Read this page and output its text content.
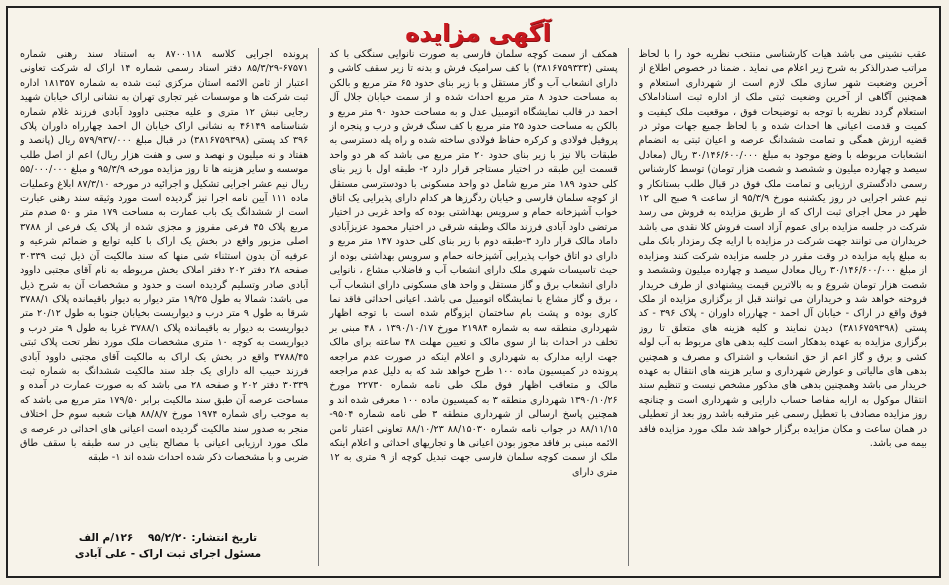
آگهی مزایده

پرونده اجرایی کلاسه ۸۷۰۰۱۱۸ به استناد سند رهنی شماره ۶۷۵۷۱-۸۵/۳/۲۹ دفتر اسناد رسمی شماره ۱۴ اراک له شرکت تعاونی اعتبار از ثامن الائمه استان مرکزی ثبت شده به شماره ۱۸۱۳۵۷ اداره ثبت شرکت ها و موسسات غیر تجاری تهران به نشانی اراک خیابان شهید رجایی نبش ۱۲ متری و علیه مجتبی داوود آبادی فرزند غلام شماره شناسنامه ۴۶۱۴۹ به نشانی اراک خیابان ال احمد چهارراه داوران پلاک ۳۹۶ کد پستی (۳۸۱۶۷۵۹۳۹۸) در قبال مبلغ ۵۷۹/۹۳۷/۰۰۰ ریال (پانصد و هفتاد و نه میلیون و نهصد و سی و هفت هزار ریال) اعم از اصل طلب موسسه و سایر هزینه ها تا روز مزایده مورخه ۹۵/۳/۹ و مبلغ ۵۵/۰۰۰/۰۰۰ ریال نیم عشر اجرایی تشکیل و اجرائیه در مورخه ۸۷/۳/۱۰ ابلاغ وعملیات ماده ۱۱۱ آیین نامه اجرا نیز گردیده است مورد وثیقه سند رهنی عبارت است از ششدانگ یک باب عمارت به مساحت ۱۷۹ متر و ۵۰ صدم متر مربع پلاک ۴۵ فرعی مفروز و مجزی شده از پلاک یک فرعی از ۳۷۸۸ اصلی مزبور واقع در بخش یک اراک با کلیه توابع و ضمائم شرعیه و عرفیه آن بدون استثناء شی منها که سند مالکیت آن ذیل ثبت ۳۰۳۳۹ صفحه ۲۸ دفتر ۲۰۲ دفتر املاک بخش مربوطه به نام آقای مجتبی داوود آبادی صادر وتسلیم گردیده است و حدود و مشخصات آن به شرح ذیل می باشد: شمالا به طول ۱۹/۲۵ متر دیوار به دیوار باقیمانده پلاک ۳۷۸۸/۱ شرقا به طول ۹ متر درب و دیواریست بخیابان جنوبا به طول ۲۰/۱۲ متر دیواریست به دیوار به باقیمانده پلاک ۳۷۸۸/۱ غربا به طول ۹ متر درب و دیواریست به کوچه ۱۰ متری مشخصات ملک مورد نظر تحت پلاک ثبتی ۳۷۸۸/۴۵ واقع در بخش یک اراک به مالکیت آقای مجتبی داوود آبادی فرزند حبیب اله دارای یک جلد سند مالکیت ششدانگ به شماره ثبت ۳۰۳۳۹ دفتر ۲۰۲ و صفحه ۲۸ می باشد که به صورت عمارت در آمده و مساحت عرصه آن طبق سند مالکیت برابر ۱۷۹/۵۰ متر مربع می باشد که به موجب رای شماره ۱۹۷۴ مورخ ۸۸/۸/۷ هیات شعبه سوم حل اختلاف منجر به صدور سند مالکیت گردیده است اعیانی های احداثی در عرصه ی ملک مورد ارزیابی اعیانی با مصالح بنایی در سه طبقه با سقف طاق ضربی و با مشخصات ذکر شده احداث شده اند ۱- طبقه

همکف از سمت کوچه سلمان فارسی به صورت نانوایی سنگکی با کد پستی (۳۸۱۶۷۵۹۳۳۳) با کف سرامیک فرش و بدنه تا زیر سقف کاشی و دارای انشعاب آب و گاز مستقل و با زیر بنای حدود ۶۵ متر مربع و بالکن به مساحت حدود ۸ متر مربع احداث شده و از سمت خیابان جلال آل احمد در قالب نمایشگاه اتومبیل عدل و به مساحت حدود ۹۰ متر مربع و بالکن به مساحت حدود ۲۵ متر مربع با کف سنگ فرش و درب و پنجره از پروفیل فولادی و کرکره حفاظ فولادی ساخته شده و راه پله دسترسی به طبقات بالا نیز با زیر بنای حدود ۲۰ متر مربع می باشد که هر دو واحد قسمت این طبقه در اختیار مستاجر قرار دارد ۲- طبقه اول با زیر بنای کلی حدود ۱۸۹ متر مربع شامل دو واحد مسکونی با دودسترسی مستقل از کوچه سلمان فارسی و خیابان ردگرزها هر کدام دارای پذیرایی یک اتاق خواب آشپزخانه حمام و سرویس بهداشتی بوده که واحد غربی در اختیار مرتضی داود آبادی فرزند مالک وطبقه شرقی در اختیار محمود عزیزآبادی داماد مالک قرار دارد ۳-طبقه دوم با زیر بنای کلی حدود ۱۴۷ متر مربع و دارای دو اتاق خواب پذیرایی آشپزخانه حمام و سرویس بهداشتی بوده از حیث تاسیسات شهری ملک دارای انشعاب آب و فاضلاب مشاع ، نانوایی دارای انشعاب برق و گاز مستقل و واحد های مسکونی دارای انشعاب آب ، برق و گاز مشاع با نمایشگاه اتومبیل می باشد. اعیانی احداثی فاقد نما کاری بوده و پشت بام ساختمان ایزوگام شده است با توجه اظهار شهرداری منطقه سه به شماره ۲۱۹۸۴ مورخ ۱۳۹۰/۱۰/۱۷ ، ۴۸ مبنی بر تخلف در احداث بنا از سوی مالک و تعیین مهلت ۴۸ ساعته برای مالک جهت ارایه مدارک به شهرداری و اعلام اینکه در صورت عدم مراجعه پرونده در کمیسیون ماده ۱۰۰ طرح خواهد شد که به دلیل عدم مراجعه مالک و متعاقب اظهار فوق ملک طی نامه شماره ۲۲۷۳۰ مورخ ۱۳۹۰/۱۰/۲۶ شهرداری منطقه ۳ به کمیسیون ماده ۱۰۰ معرفی شده اند و همچنین پاسخ ارسالی از شهرداری منطقه ۳ طی نامه شماره ۹۵۰۴- ۸۸/۱۱/۱۵ در جواب نامه شماره ۸۸/۱۵۰۳۰ ۸۸/۱۰/۲۳ تعاونی اعتبار ثامن الائمه مبنی بر فاقد مجوز بودن اعیانی ها و تجاریهای احداثی و اعلام اینکه ملک از سمت کوچه سلمان فارسی جهت تبدیل کوچه از ۹ متری به ۱۲ متری دارای

عقب نشینی می باشد هیات کارشناسی منتخب نظریه خود را با لحاظ مراتب صدرالذکر به شرح زیر اعلام می نماید . ضمنا در خصوص اطلاع از آخرین وضعیت شهر سازی ملک لازم است از شهرداری استعلام و همچنین آگاهی از آخرین وضعیت ثبتی ملک از اداره ثبت اسناداملاک استعلام گردد نظریه با توجه به توضیحات فوق ، موقعیت ملک کیفیت و کمیت و قدمت اعیانی ها احداث شده و با لحاظ جمیع جهات موثر در قضیه ارزش همگی و تمامت ششدانگ عرصه و اعیان ثبتی به انضمام انشعابات مربوطه با وضع موجود به مبلغ ۳۰/۱۴۶/۶۰۰/۰۰۰ ریال (معادل سیصد و چهارده میلیون و ششصد و شصت هزار تومان) توسط کارشناس رسمی دادگستری ارزیابی و تمامت ملک فوق در قبال طلب بستانکار و نیم عشر اجرایی در روز یکشنبه مورخ ۹۵/۳/۹ از ساعت ۹ صبح الی ۱۲ ظهر در محل اجرای ثبت اراک که از طریق مزایده به فروش می رسد شرکت در جلسه مزایده برای عموم آزاد است فروش کلا نقدی می باشد خریداران می توانند جهت شرکت در مزایده با ارایه چک رمزدار بانک ملی به مبلغ پایه مزایده در وقت مقرر در جلسه مزایده شرکت کنند ومزایده از مبلغ ۳۰/۱۴۶/۶۰۰/۰۰۰ ریال معادل سیصد و چهارده میلیون وششصد و شصت هزار تومان شروع و به بالاترین قیمت پیشنهادی از طرف خریدار فروخته خواهد شد و خریداران می توانند قبل از برگزاری مزایده از ملک فوق واقع در اراک - خیابان آل احمد - چهارراه داوران - پلاک ۳۹۶ - کد پستی (۳۸۱۶۷۵۹۳۹۸) دیدن نمایند و کلیه هزینه های متعلق تا روز برگزاری مزایده به عهده بدهکار است کلیه بدهی های مربوط به آب لوله کشی و برق و گاز اعم از حق انشعاب و اشتراک و مصرف و همچنین بدهی های مالیاتی و عوارض شهرداری و سایر هزینه های انتقال به عهده خریدار می باشد وهمچنین بدهی های مذکور مشخص نیست و تنظیم سند انتقال موکول به ارایه مفاصا حساب دارایی و شهرداری است و چنانچه روز مزایده مصادف با تعطیل رسمی غیر مترقبه باشد روز بعد از تعطیلی در همان ساعت و مکان مزایده برگزار خواهد شد ملک مورد مزایده فاقد بیمه می باشد.

تاریخ انتشار: ۹۵/۲/۲۰    ۱۲۶/م الف
مسئول اجرای ثبت اراک - علی آبادی
